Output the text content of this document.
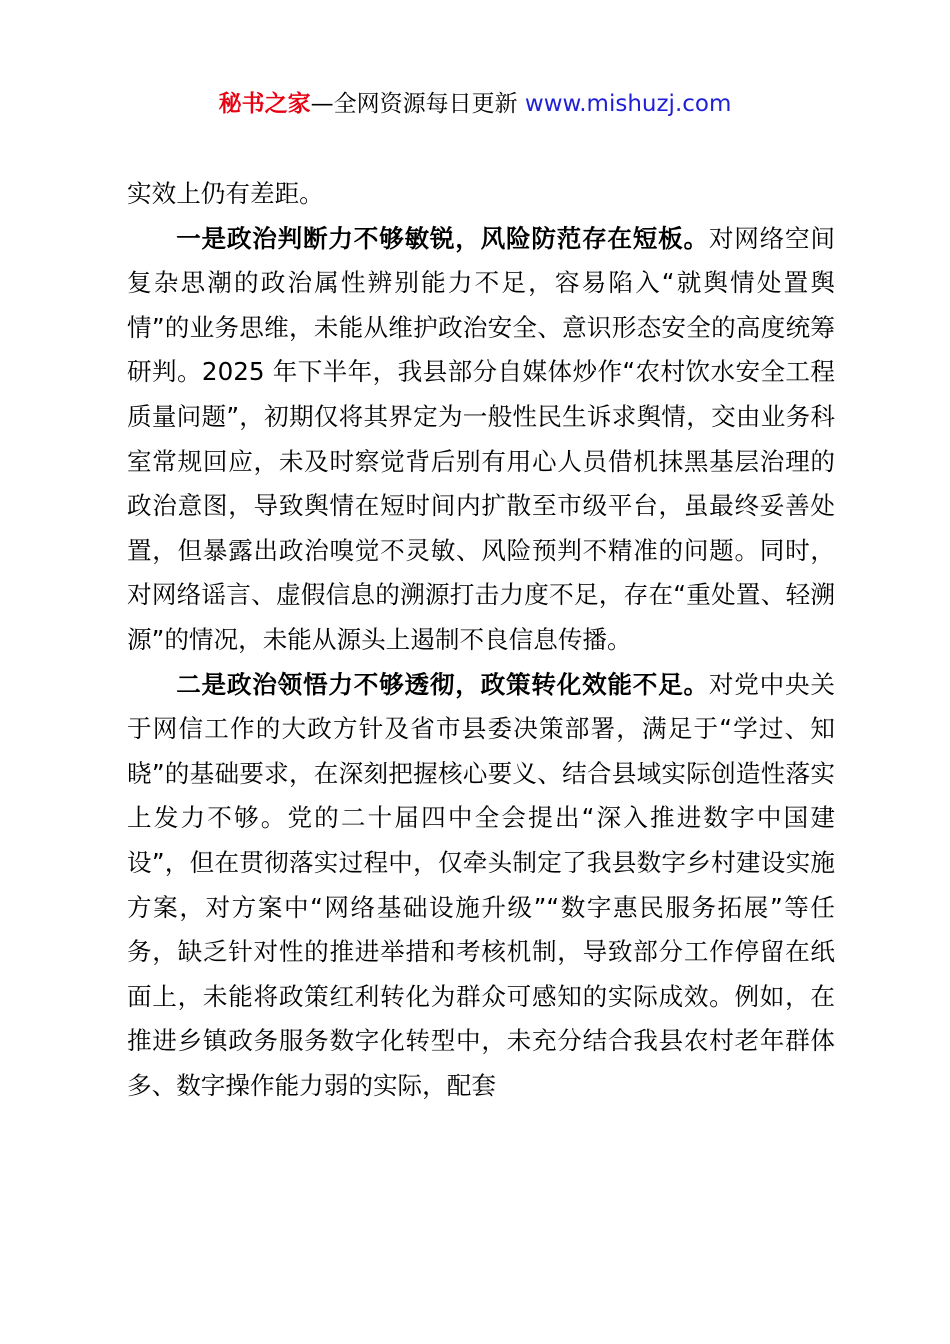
秘书之家—全网资源每日更新 www.mishuzj.com

实效上仍有差距。

一是政治判断力不够敏锐，风险防范存在短板。对网络空间复杂思潮的政治属性辨别能力不足，容易陷入“就舆情处置舆情”的业务思维，未能从维护政治安全、意识形态安全的高度统筹研判。2025 年下半年，我县部分自媒体炒作“农村饮水安全工程质量问题”，初期仅将其界定为一般性民生诉求舆情，交由业务科室常规回应，未及时察觉背后别有用心人员借机抹黑基层治理的政治意图，导致舆情在短时间内扩散至市级平台，虽最终妥善处置，但暴露出政治嗅觉不灵敏、风险预判不精准的问题。同时，对网络谣言、虚假信息的溯源打击力度不足，存在“重处置、轻溯源”的情况，未能从源头上遏制不良信息传播。

二是政治领悟力不够透彻，政策转化效能不足。对党中央关于网信工作的大政方针及省市县委决策部署，满足于“学过、知晓”的基础要求，在深刻把握核心要义、结合县域实际创造性落实上发力不够。党的二十届四中全会提出“深入推进数字中国建设”，但在贯彻落实过程中，仅牵头制定了我县数字乡村建设实施方案，对方案中“网络基础设施升级”“数字惠民服务拓展”等任务，缺乏针对性的推进举措和考核机制，导致部分工作停留在纸面上，未能将政策红利转化为群众可感知的实际成效。例如，在推进乡镇政务服务数字化转型中，未充分结合我县农村老年群体多、数字操作能力弱的实际，配套
